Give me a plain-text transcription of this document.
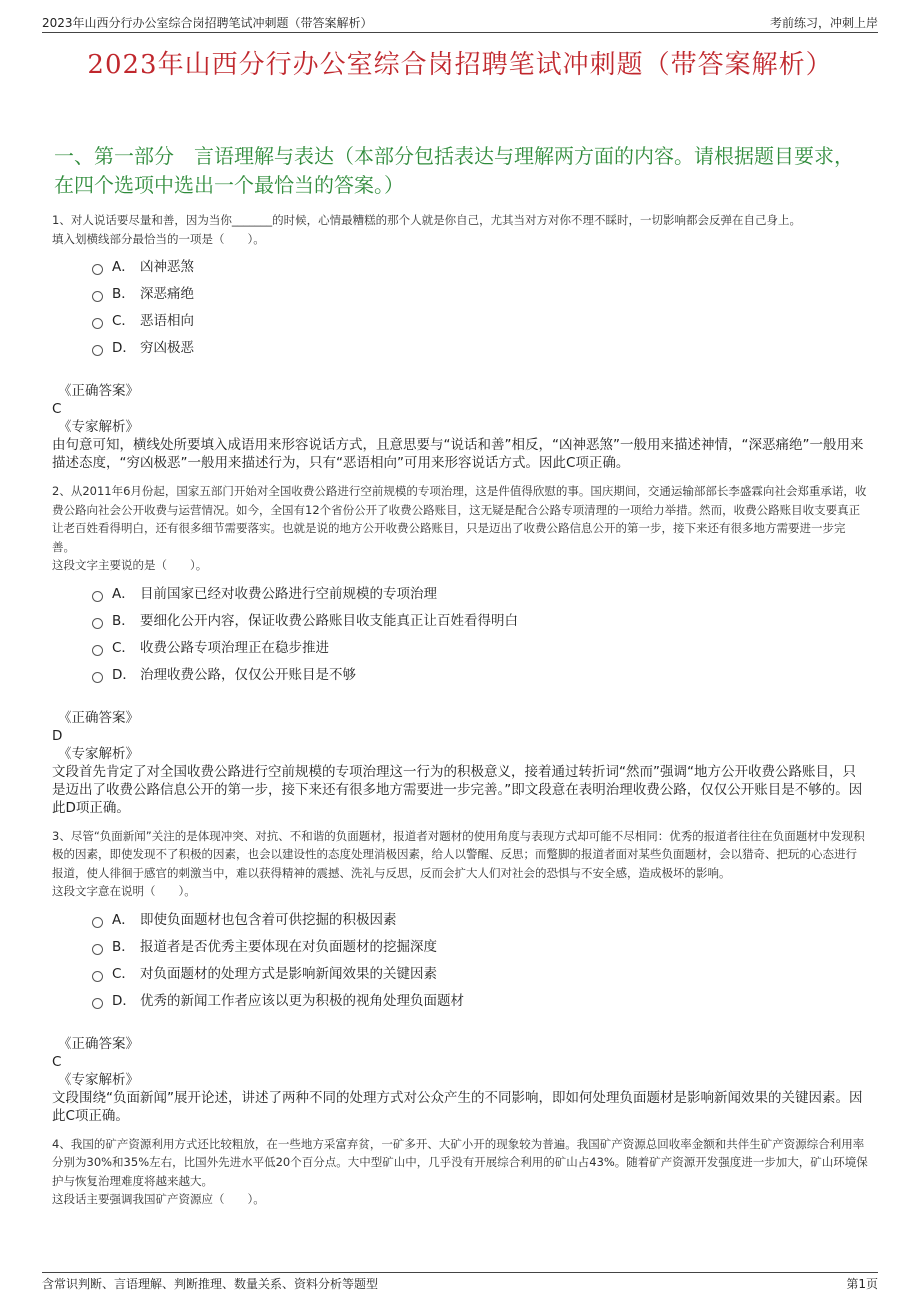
2023年山西分行办公室综合岗招聘笔试冲刺题（带答案解析）	考前练习，冲刺上岸
2023年山西分行办公室综合岗招聘笔试冲刺题（带答案解析）
一、第一部分　言语理解与表达（本部分包括表达与理解两方面的内容。请根据题目要求，在四个选项中选出一个最恰当的答案。）
1、对人说话要尽量和善，因为当你_______的时候，心情最糟糕的那个人就是你自己，尤其当对方对你不理不睬时，一切影响都会反弹在自己身上。
填入划横线部分最恰当的一项是（　　）。
A． 凶神恶煞
B． 深恶痛绝
C． 恶语相向
D． 穷凶极恶
《正确答案》
C
《专家解析》
由句意可知，横线处所要填入成语用来形容说话方式，且意思要与“说话和善”相反，“凶神恶煞”一般用来描述神情，“深恶痛绝”一般用来描述态度，“穷凶极恶”一般用来描述行为，只有“恶语相向”可用来形容说话方式。因此C项正确。
2、从2011年6月份起，国家五部门开始对全国收费公路进行空前规模的专项治理，这是件值得欣慰的事。国庆期间，交通运输部部长李盛霖向社会郑重承诺，收费公路向社会公开收费与运营情况。如今，全国有12个省份公开了收费公路账目，这无疑是配合公路专项清理的一项给力举措。然而，收费公路账目收支要真正让老百姓看得明白，还有很多细节需要落实。也就是说的地方公开收费公路账目，只是迈出了收费公路信息公开的第一步，接下来还有很多地方需要进一步完善。
这段文字主要说的是（　　）。
A． 目前国家已经对收费公路进行空前规模的专项治理
B． 要细化公开内容，保证收费公路账目收支能真正让百姓看得明白
C． 收费公路专项治理正在稳步推进
D． 治理收费公路，仅仅公开账目是不够
《正确答案》
D
《专家解析》
文段首先肯定了对全国收费公路进行空前规模的专项治理这一行为的积极意义，接着通过转折词“然而”强调“地方公开收费公路账目，只是迈出了收费公路信息公开的第一步，接下来还有很多地方需要进一步完善。”即文段意在表明治理收费公路，仅仅公开账目是不够的。因此D项正确。
3、尽管“负面新闻”关注的是体现冲突、对抗、不和谐的负面题材，报道者对题材的使用角度与表现方式却可能不尽相同：优秀的报道者往往在负面题材中发现积极的因素，即使发现不了积极的因素，也会以建设性的态度处理消极因素，给人以警醒、反思；而蹩脚的报道者面对某些负面题材，会以猎奇、把玩的心态进行报道，使人徘徊于感官的刺激当中，难以获得精神的震撼、洗礼与反思，反而会扩大人们对社会的恐惧与不安全感，造成极坏的影响。
这段文字意在说明（　　）。
A． 即使负面题材也包含着可供挖掘的积极因素
B． 报道者是否优秀主要体现在对负面题材的挖掘深度
C． 对负面题材的处理方式是影响新闻效果的关键因素
D． 优秀的新闻工作者应该以更为积极的视角处理负面题材
《正确答案》
C
《专家解析》
文段围绕“负面新闻”展开论述，讲述了两种不同的处理方式对公众产生的不同影响，即如何处理负面题材是影响新闻效果的关键因素。因此C项正确。
4、我国的矿产资源利用方式还比较粗放，在一些地方采富弃贫，一矿多开、大矿小开的现象较为普遍。我国矿产资源总回收率金额和共伴生矿产资源综合利用率分别为30%和35%左右，比国外先进水平低20个百分点。大中型矿山中，几乎没有开展综合利用的矿山占43%。随着矿产资源开发强度进一步加大，矿山环境保护与恢复治理难度将越来越大。
这段话主要强调我国矿产资源应（　　）。
含常识判断、言语理解、判断推理、数量关系、资料分析等题型	第1页
